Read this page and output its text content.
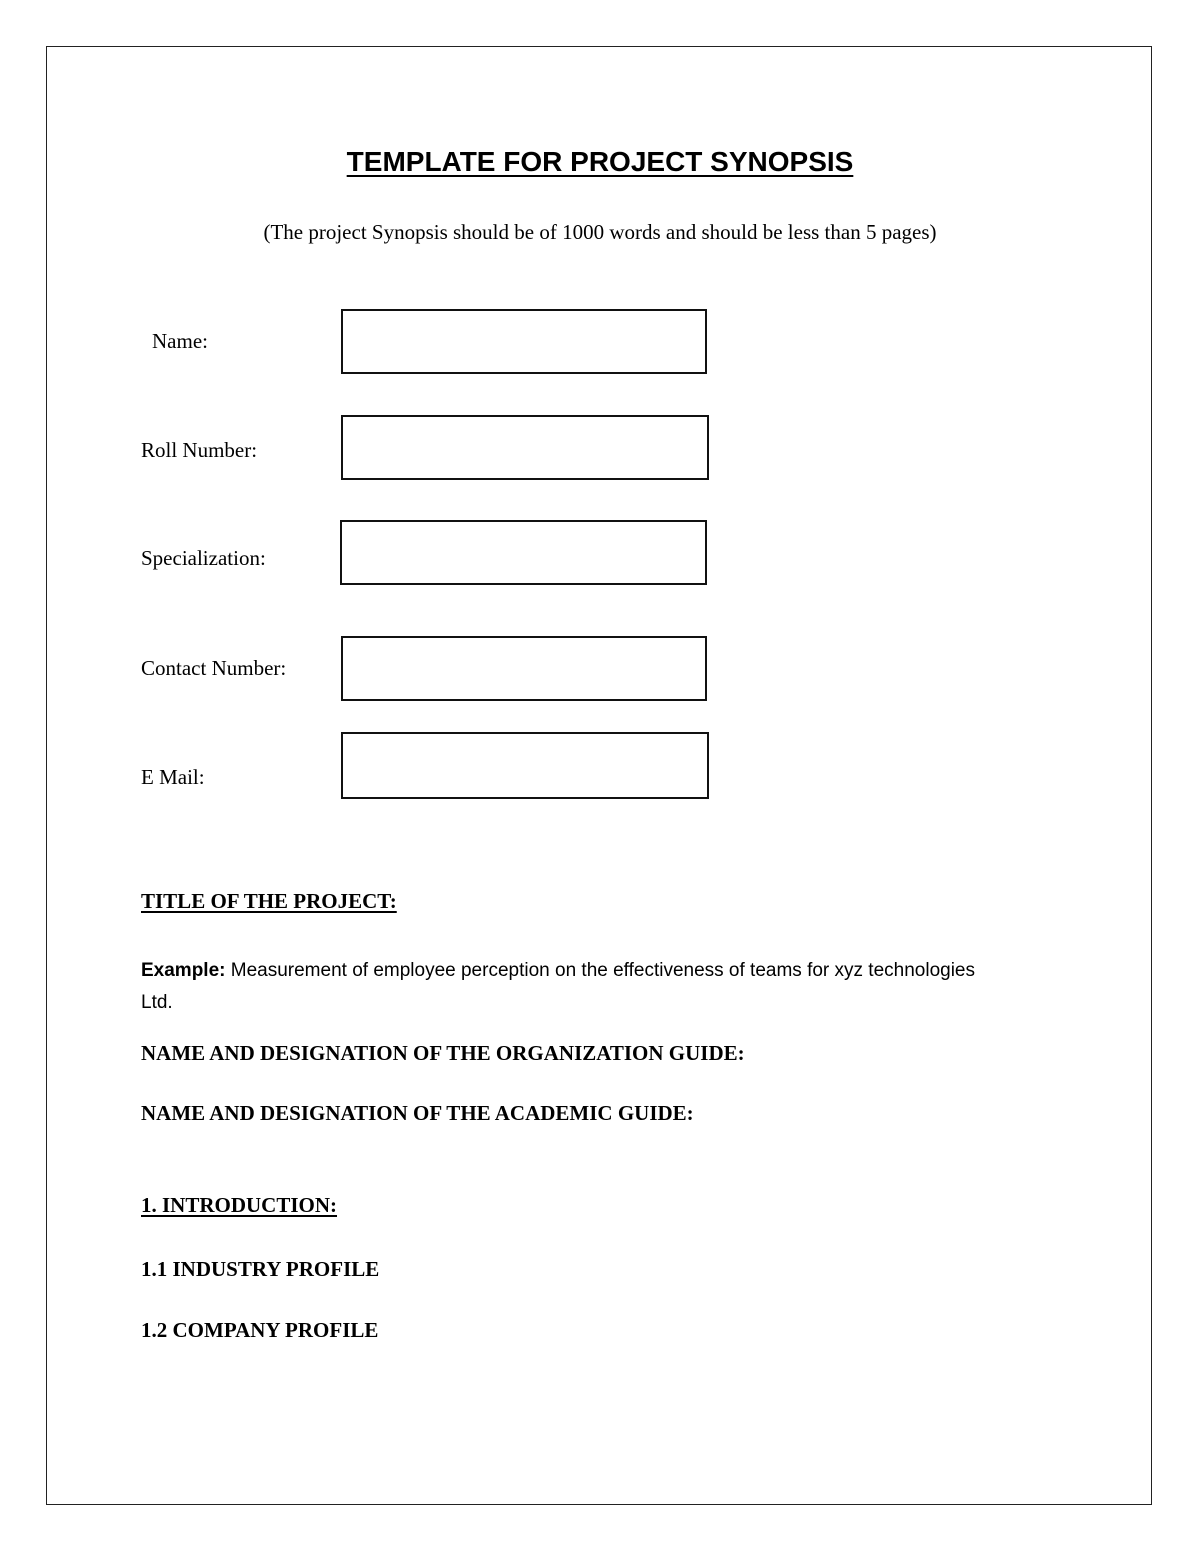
TEMPLATE FOR PROJECT SYNOPSIS

(The project Synopsis should be of 1000 words and should be less than 5 pages)

Name:
Roll Number:
Specialization:
Contact Number:
E Mail:
TITLE OF THE PROJECT:

Example: Measurement of employee perception on the effectiveness of teams for xyz technologies Ltd.

NAME AND DESIGNATION OF THE ORGANIZATION GUIDE:
NAME AND DESIGNATION OF THE ACADEMIC GUIDE:
1. INTRODUCTION:
1.1 INDUSTRY PROFILE
1.2 COMPANY PROFILE
